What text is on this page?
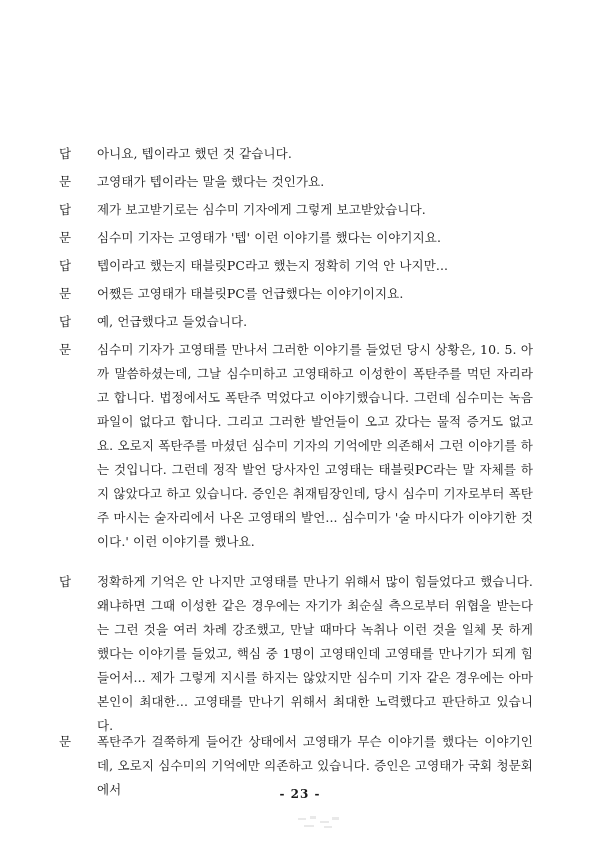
답 아니요, 텝이라고 했던 것 같습니다.
문 고영태가 텝이라는 말을 했다는 것인가요.
답 제가 보고받기로는 심수미 기자에게 그렇게 보고받았습니다.
문 심수미 기자는 고영태가 '텝' 이런 이야기를 했다는 이야기지요.
답 텝이라고 했는지 태블릿PC라고 했는지 정확히 기억 안 나지만...
문 어쨌든 고영태가 태블릿PC를 언급했다는 이야기이지요.
답 예, 언급했다고 들었습니다.
문 심수미 기자가 고영태를 만나서 그러한 이야기를 들었던 당시 상황은, 10. 5. 아까 말씀하셨는데, 그날 심수미하고 고영태하고 이성한이 폭탄주를 먹던 자리라고 합니다. 법정에서도 폭탄주 먹었다고 이야기했습니다. 그런데 심수미는 녹음파일이 없다고 합니다. 그리고 그러한 발언들이 오고 갔다는 물적 증거도 없고요. 오로지 폭탄주를 마셨던 심수미 기자의 기억에만 의존해서 그런 이야기를 하는 것입니다. 그런데 정작 발언 당사자인 고영태는 태블릿PC라는 말 자체를 하지 않았다고 하고 있습니다. 증인은 취재팀장인데, 당시 심수미 기자로부터 폭탄주 마시는 술자리에서 나온 고영태의 발언... 심수미가 '술 마시다가 이야기한 것이다.' 이런 이야기를 했나요.
답 정확하게 기억은 안 나지만 고영태를 만나기 위해서 많이 힘들었다고 했습니다. 왜냐하면 그때 이성한 같은 경우에는 자기가 최순실 측으로부터 위협을 받는다는 그런 것을 여러 차례 강조했고, 만날 때마다 녹취나 이런 것을 일체 못 하게 했다는 이야기를 들었고, 핵심 중 1명이 고영태인데 고영태를 만나기가 되게 힘들어서... 제가 그렇게 지시를 하지는 않았지만 심수미 기자 같은 경우에는 아마 본인이 최대한... 고영태를 만나기 위해서 최대한 노력했다고 판단하고 있습니다.
문 폭탄주가 걸쭉하게 들어간 상태에서 고영태가 무슨 이야기를 했다는 이야기인데, 오로지 심수미의 기억에만 의존하고 있습니다. 증인은 고영태가 국회 청문회에서	- 23 -
